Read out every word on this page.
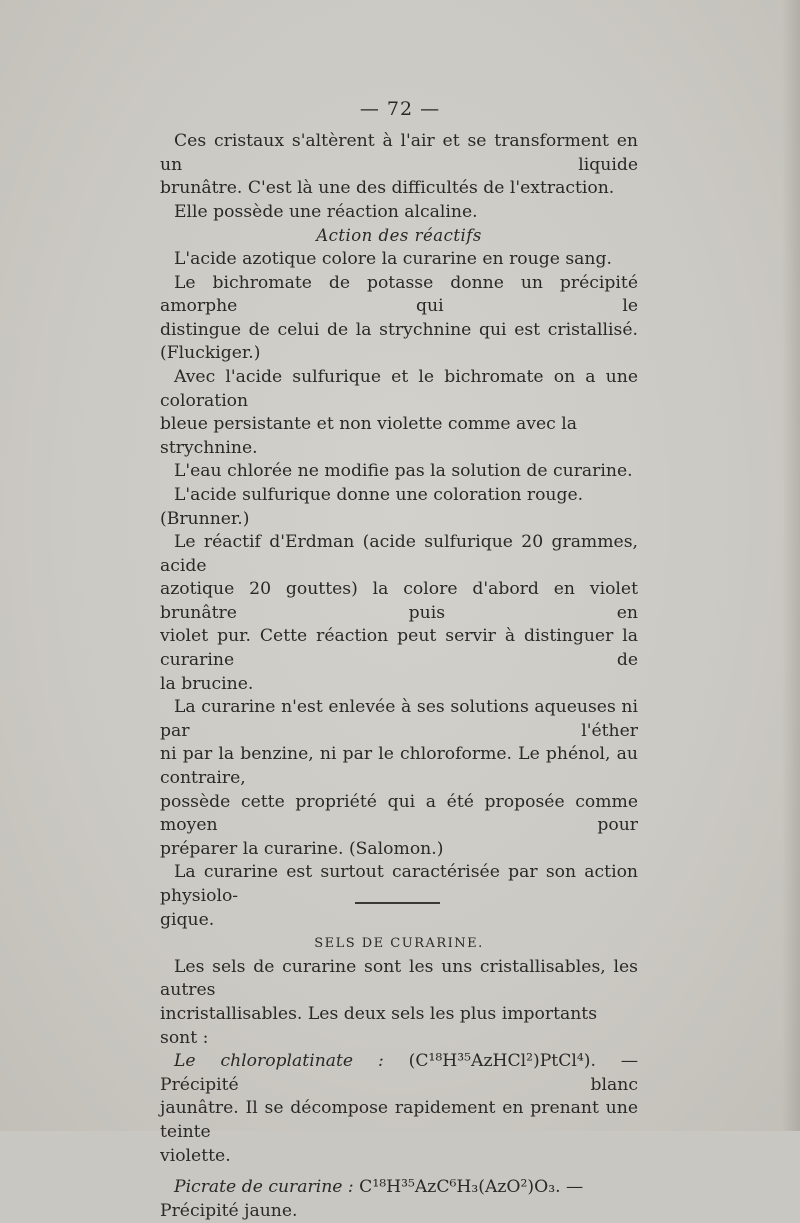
— 72 —

Ces cristaux s'altèrent à l'air et se transforment en un liquide

brunâtre. C'est là une des difficultés de l'extraction.

Elle possède une réaction alcaline.

Action des réactifs

L'acide azotique colore la curarine en rouge sang.

Le bichromate de potasse donne un précipité amorphe qui le

distingue de celui de la strychnine qui est cristallisé. (Fluckiger.)

Avec l'acide sulfurique et le bichromate on a une coloration

bleue persistante et non violette comme avec la strychnine.

L'eau chlorée ne modifie pas la solution de curarine.

L'acide sulfurique donne une coloration rouge. (Brunner.)

Le réactif d'Erdman (acide sulfurique 20 grammes, acide

azotique 20 gouttes) la colore d'abord en violet brunâtre puis en

violet pur. Cette réaction peut servir à distinguer la curarine de

la brucine.

La curarine n'est enlevée à ses solutions aqueuses ni par l'éther

ni par la benzine, ni par le chloroforme. Le phénol, au contraire,

possède cette propriété qui a été proposée comme moyen pour

préparer la curarine. (Salomon.)

La curarine est surtout caractérisée par son action physiolo-

gique.

SELS DE CURARINE.

Les sels de curarine sont les uns cristallisables, les autres

incristallisables. Les deux sels les plus importants sont :

Le chloroplatinate : (C¹⁸H³⁵AzHCl²)PtCl⁴). — Précipité blanc

jaunâtre. Il se décompose rapidement en prenant une teinte

violette.

Picrate de curarine : C¹⁸H³⁵AzC⁶H₃(AzO²)O₃. — Précipité jaune.
